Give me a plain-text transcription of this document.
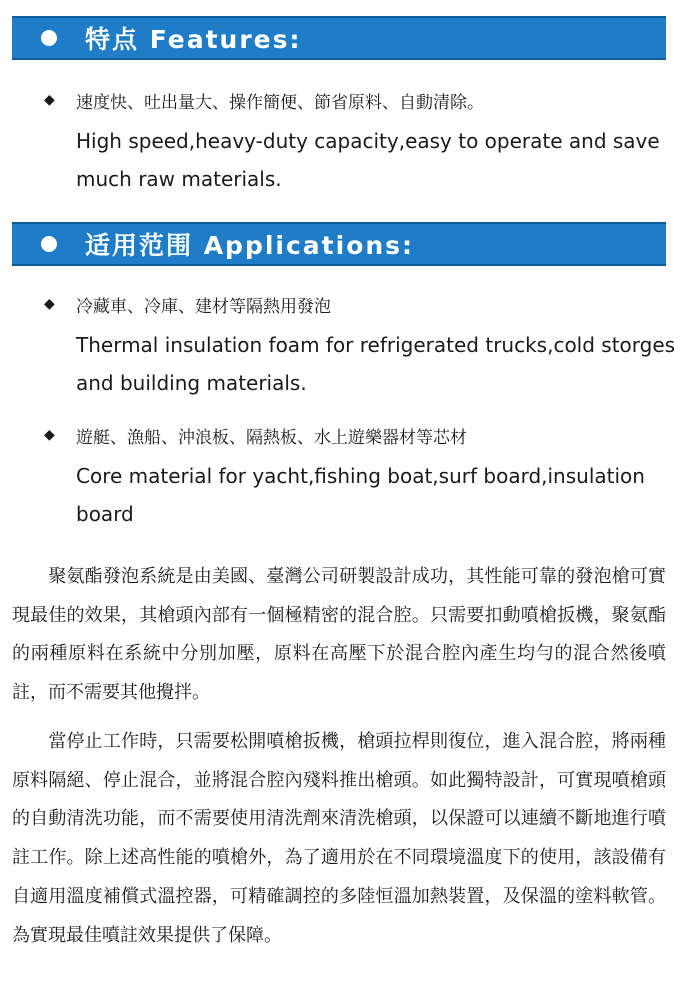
特点 Features:
◆	速度快、吐出量大、操作簡便、節省原料、自動清除。
High speed,heavy-duty capacity,easy to operate and save much raw materials.
适用范围 Applications:
◆	冷藏車、冷庫、建材等隔熱用發泡
Thermal insulation foam for refrigerated trucks,cold storges and building materials.
◆	遊艇、漁船、沖浪板、隔熱板、水上遊樂器材等芯材
Core material for yacht,fishing boat,surf board,insulation board

　　聚氨酯發泡系統是由美國、臺灣公司研製設計成功，其性能可靠的發泡槍可實現最佳的效果，其槍頭內部有一個極精密的混合腔。只需要扣動噴槍扳機，聚氨酯的兩種原料在系統中分別加壓，原料在高壓下於混合腔內產生均勻的混合然後噴註，而不需要其他攪拌。

　　當停止工作時，只需要松開噴槍扳機，槍頭拉桿則復位，進入混合腔，將兩種原料隔絕、停止混合，並將混合腔內殘料推出槍頭。如此獨特設計，可實現噴槍頭的自動清洗功能，而不需要使用清洗劑來清洗槍頭，以保證可以連續不斷地進行噴註工作。除上述高性能的噴槍外，為了適用於在不同環境溫度下的使用，該設備有自適用溫度補償式溫控器，可精確調控的多陸恒溫加熱裝置，及保溫的塗料軟管。為實現最佳噴註效果提供了保障。
